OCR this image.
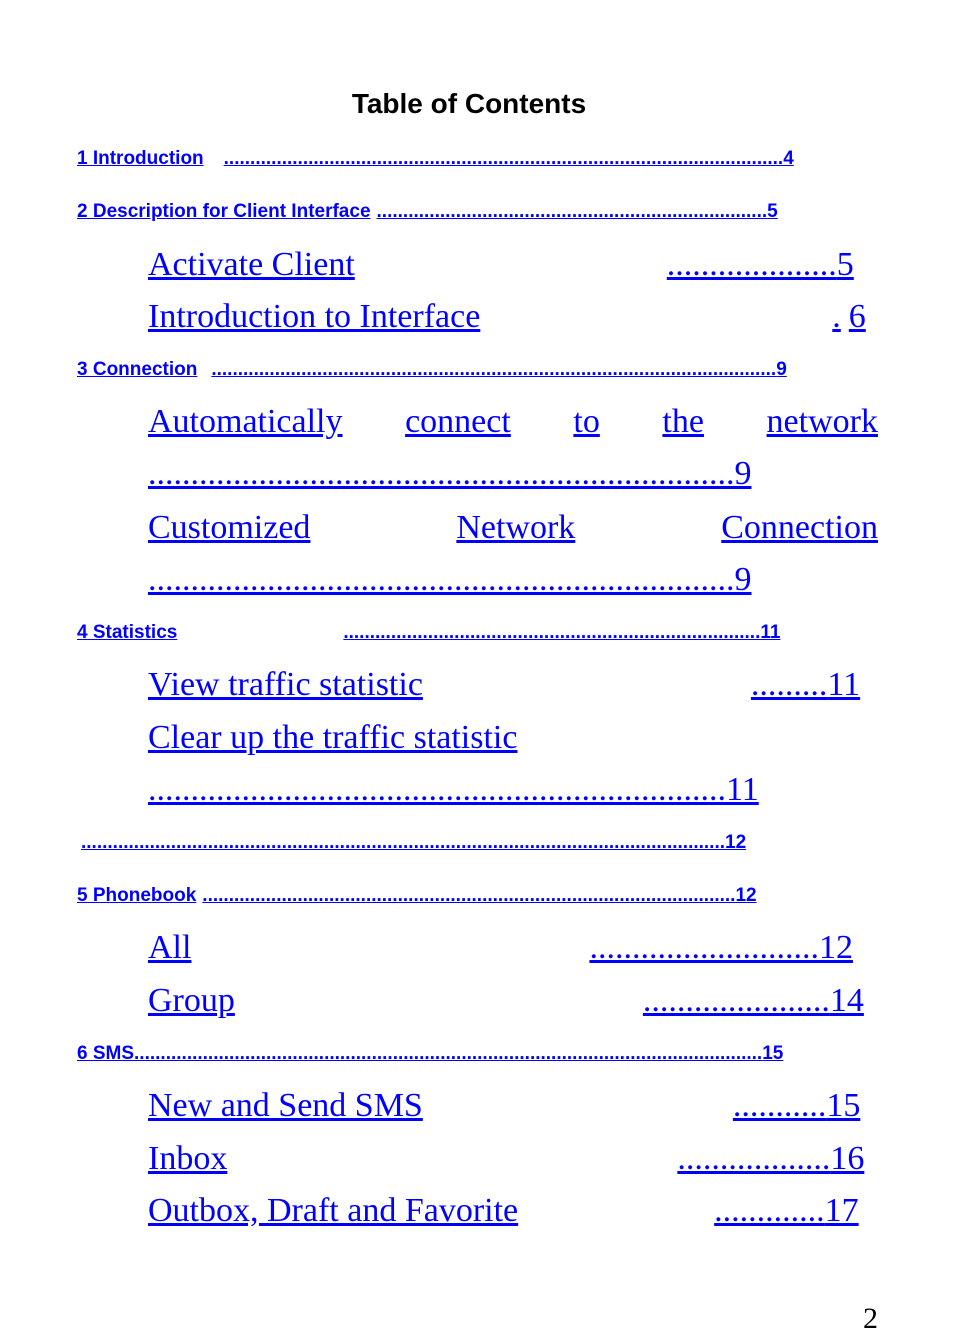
Table of Contents
1 Introduction .......................................................................................................... 4
2 Description for Client Interface .......................................................................... 5
Activate Client	.................... 5
Introduction to Interface	. 6
3 Connection ........................................................................................................... 9
Automatically connect to the network
..................................................................... 9
Customized	Network	Connection
..................................................................... 9
4 Statistics	............................................................................... 11
View traffic statistic	......... 11
Clear up the traffic statistic
.................................................................... 11
.......................................................................................................................... 12
5 Phonebook ..................................................................................................... 12
All	........................... 12
Group	...................... 14
6 SMS ....................................................................................................................... 15
New and Send SMS	........... 15
Inbox	.................. 16
Outbox, Draft and Favorite	............. 17
2
